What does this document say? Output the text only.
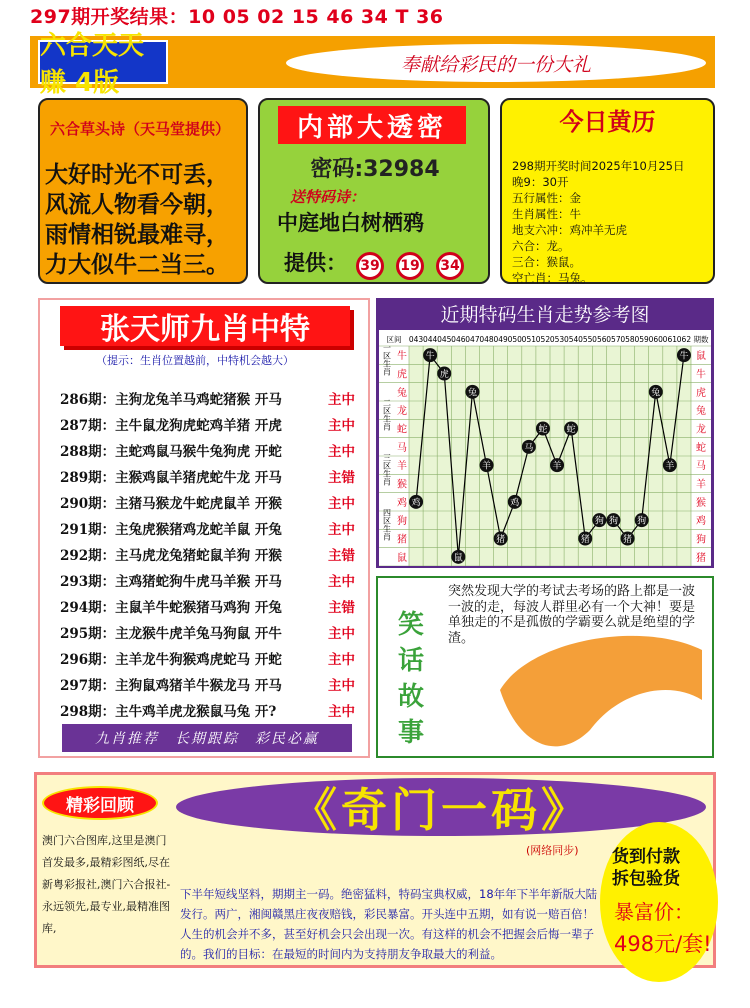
297期开奖结果：10 05 02 15 46 34 T 36
六合天天赚 4版
奉献给彩民的一份大礼
六合草头诗（天马堂提供）
大好时光不可丢，
风流人物看今朝，
雨情相锐最难寻，
力大似牛二当三。
内部大透密
密码:32984
送特码诗：
中庭地白树栖鸦
提供： 39	19	34
今日黄历
298期开奖时间2025年10月25日
晚9：30开
五行属性：金
生肖属性：牛
地支六冲：鸡冲羊无虎
六合：龙。
三合：猴鼠。
空亡肖：马兔。
张天师九肖中特
（提示：生肖位置越前，中特机会越大）
286期：主狗龙兔羊马鸡蛇猪猴 开马	主中
287期：主牛鼠龙狗虎蛇鸡羊猪 开虎	主中
288期：主蛇鸡鼠马猴牛兔狗虎 开蛇	主中
289期：主猴鸡鼠羊猪虎蛇牛龙 开马	主错
290期：主猪马猴龙牛蛇虎鼠羊 开猴	主中
291期：主兔虎猴猪鸡龙蛇羊鼠 开兔	主中
292期：主马虎龙兔猪蛇鼠羊狗 开猴	主错
293期：主鸡猪蛇狗牛虎马羊猴 开马	主中
294期：主鼠羊牛蛇猴猪马鸡狗 开兔	主错
295期：主龙猴牛虎羊兔马狗鼠 开牛	主中
296期：主羊龙牛狗猴鸡虎蛇马 开蛇	主中
297期：主狗鼠鸡猪羊牛猴龙马 开马	主中
298期：主牛鸡羊虎龙猴鼠马兔 开?	主中
九肖推荐　长期跟踪　彩民必赢
近期特码生肖走势参考图
区间	期数
043 044 045 046 047 048 049 050 051 052 053 054 055 056 057 058 059 060 061 062
一区生肖
二区生肖
三区生肖
四区生肖
牛
虎
兔
龙
蛇
马
羊
猴
鸡
狗
猪
鼠
鼠
牛
虎
兔
龙
蛇
马
羊
猴
鸡
狗
猪
鸡
牛
虎
鼠
兔
羊
猪
鸡
马
蛇
羊
蛇
猪
狗 狗
猪
狗
兔
羊
牛
笑
话
故
事
突然发现大学的考试去考场的路上都是一波一波的走，每波人群里必有一个大神！要是单独走的不是孤傲的学霸要么就是绝望的学渣。
精彩回顾
澳门六合图库,这里是澳门首发最多,最精彩图纸,尽在新粤彩报社,澳门六合报社-永远领先,最专业,最精准图库,
《奇门一码》
(网络同步)
下半年短线坚料，期期主一码。绝密猛料，特码宝典权威，18年年下半年新版大陆发行。两广，湘闽赣黑庄夜夜赔钱，彩民暴富。开头连中五期，如有说一赔百倍！人生的机会并不多，甚至好机会只会出现一次。有这样的机会不把握会后悔一辈子的。我们的目标：在最短的时间内为支持朋友争取最大的利益。
货到付款
拆包验货
暴富价：
498元/套!
